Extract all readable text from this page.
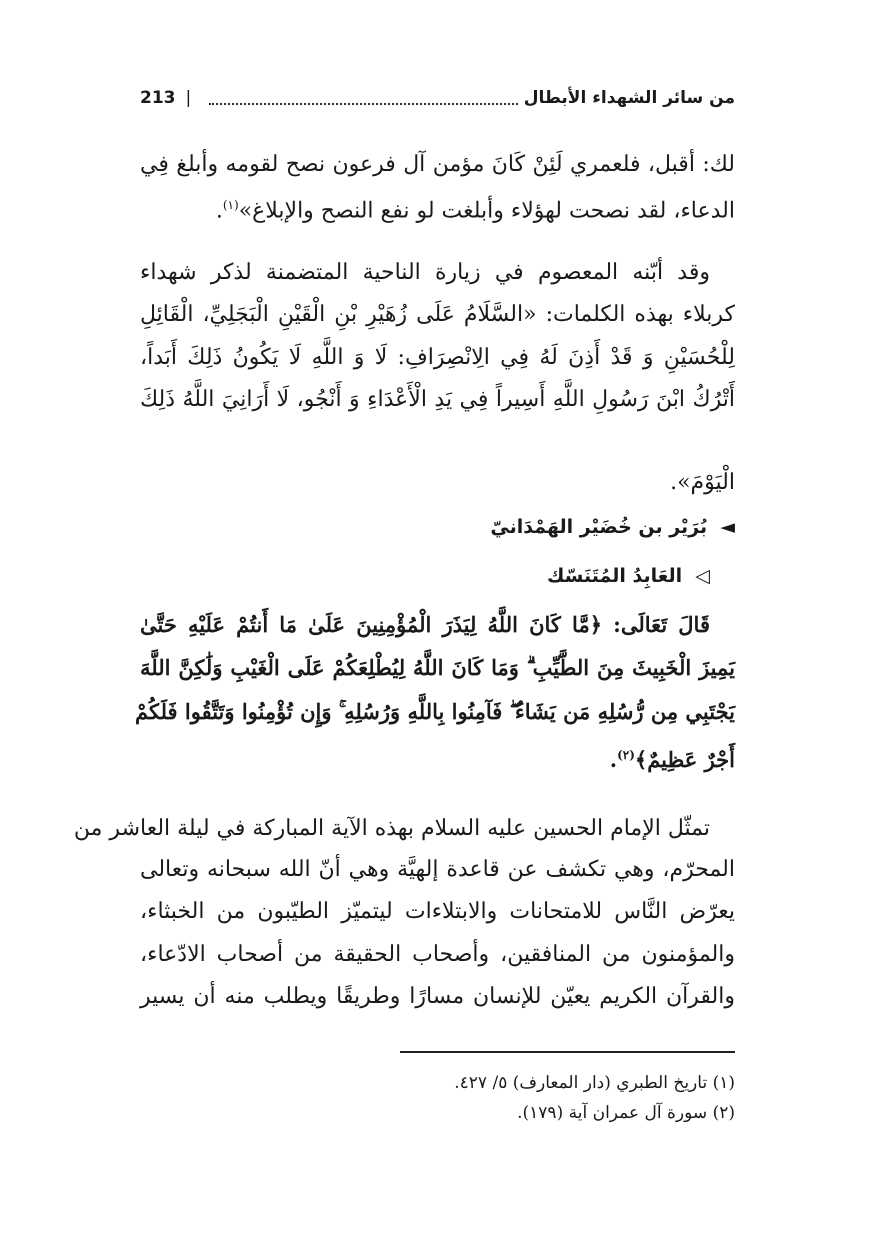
من سائر الشهداء الأبطال
|
213
لك: أقبل، فلعمري لَئِنْ كَانَ مؤمن آل فرعون نصح لقومه وأبلغ فِي
الدعاء، لقد نصحت لهؤلاء وأبلغت لو نفع النصح والإبلاغ»$^{(١)}$.
وقد أبّنه المعصوم في زيارة الناحية المتضمنة لذكر شهداء
كربلاء بهذه الكلمات: «السَّلَامُ عَلَى زُهَيْرِ بْنِ الْقَيْنِ الْبَجَلِيِّ، الْقَائِلِ
لِلْحُسَيْنِ وَ قَدْ أَذِنَ لَهُ فِي الِانْصِرَافِ: لَا وَ اللَّهِ لَا يَكُونُ ذَلِكَ أَبَداً،
أَتْرُكُ ابْنَ رَسُولِ اللَّهِ أَسِيراً فِي يَدِ الْأَعْدَاءِ وَ أَنْجُو، لَا أَرَانِيَ اللَّهُ ذَلِكَ
الْيَوْمَ».
◄  بُرَيْر بن خُضَيْر الهَمْدَانيّ
◁  العَابِدُ المُتَنَسّك
قَالَ تَعَالَى: ﴿مَّا كَانَ اللَّهُ لِيَذَرَ الْمُؤْمِنِينَ عَلَىٰ مَا أَنتُمْ عَلَيْهِ حَتَّىٰ
يَمِيزَ الْخَبِيثَ مِنَ الطَّيِّبِ ۗ وَمَا كَانَ اللَّهُ لِيُطْلِعَكُمْ عَلَى الْغَيْبِ وَلَٰكِنَّ اللَّهَ
يَجْتَبِي مِن رُّسُلِهِ مَن يَشَاءُ ۖ فَآمِنُوا بِاللَّهِ وَرُسُلِهِ ۚ وَإِن تُؤْمِنُوا وَتَتَّقُوا فَلَكُمْ
أَجْرٌ عَظِيمٌ﴾$^{(٢)}$.
تمثّل الإمام الحسين عليه السلام بهذه الآية المباركة في ليلة العاشر من
المحرّم، وهي تكشف عن قاعدة إلهيَّة وهي أنّ الله سبحانه وتعالى
يعرّض النَّاس للامتحانات والابتلاءات ليتميّز الطيّبون من الخبثاء،
والمؤمنون من المنافقين، وأصحاب الحقيقة من أصحاب الادّعاء،
والقرآن الكريم يعيّن للإنسان مسارًا وطريقًا ويطلب منه أن يسير
(١) تاريخ الطبري (دار المعارف) ٥/ ٤٢٧.
(٢) سورة آل عمران آية (١٧٩).
